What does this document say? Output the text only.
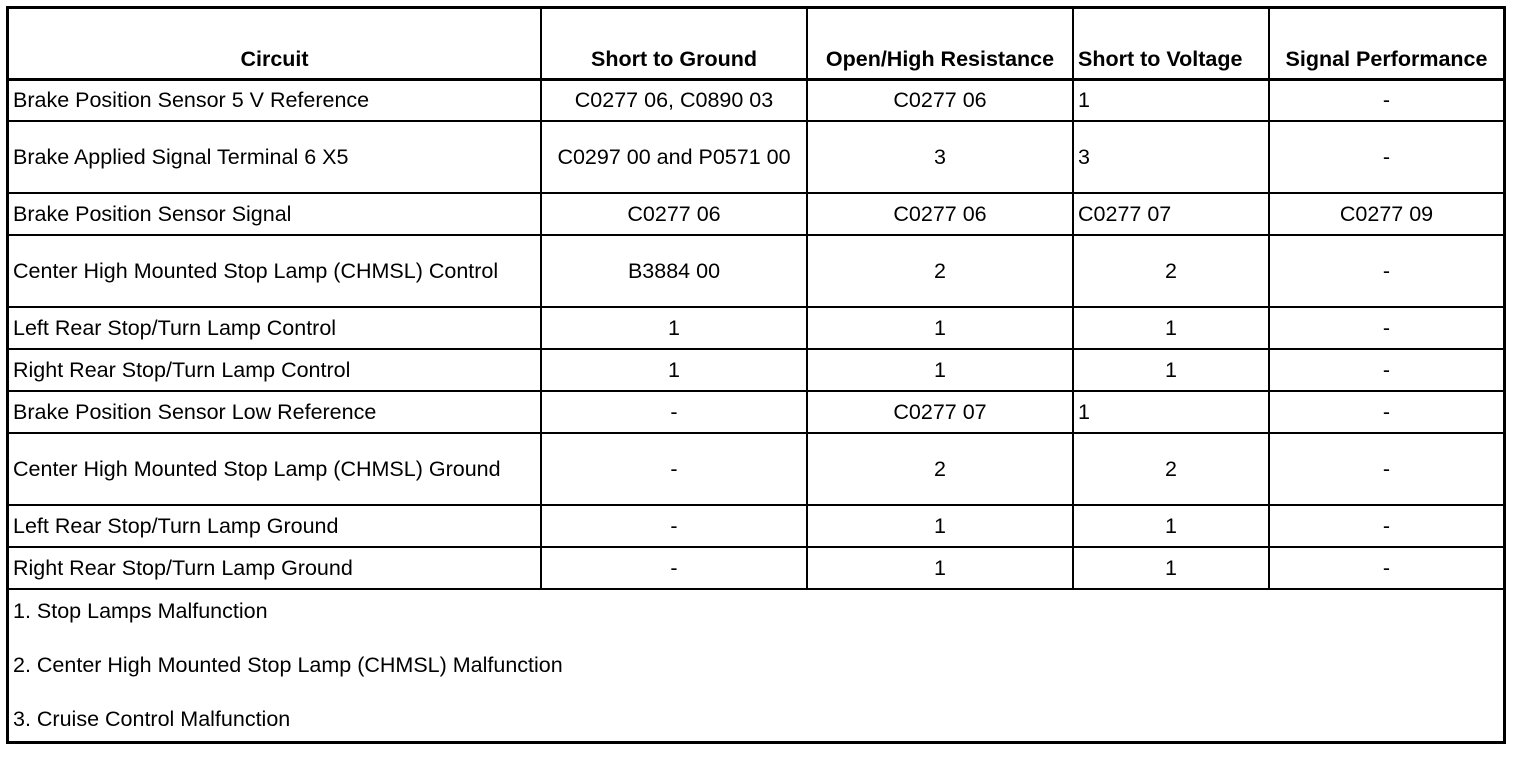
Circuit	Short to Ground	Open/High Resistance	Short to Voltage	Signal Performance
Brake Position Sensor 5 V Reference	C0277 06, C0890 03	C0277 06	1	-
Brake Applied Signal Terminal 6 X5	C0297 00 and P0571 00	3	3	-
Brake Position Sensor Signal	C0277 06	C0277 06	C0277 07	C0277 09
Center High Mounted Stop Lamp (CHMSL) Control	B3884 00	2	2	-
Left Rear Stop/Turn Lamp Control	1	1	1	-
Right Rear Stop/Turn Lamp Control	1	1	1	-
Brake Position Sensor Low Reference	-	C0277 07	1	-
Center High Mounted Stop Lamp (CHMSL) Ground	-	2	2	-
Left Rear Stop/Turn Lamp Ground	-	1	1	-
Right Rear Stop/Turn Lamp Ground	-	1	1	-
1. Stop Lamps Malfunction
2. Center High Mounted Stop Lamp (CHMSL) Malfunction
3. Cruise Control Malfunction
